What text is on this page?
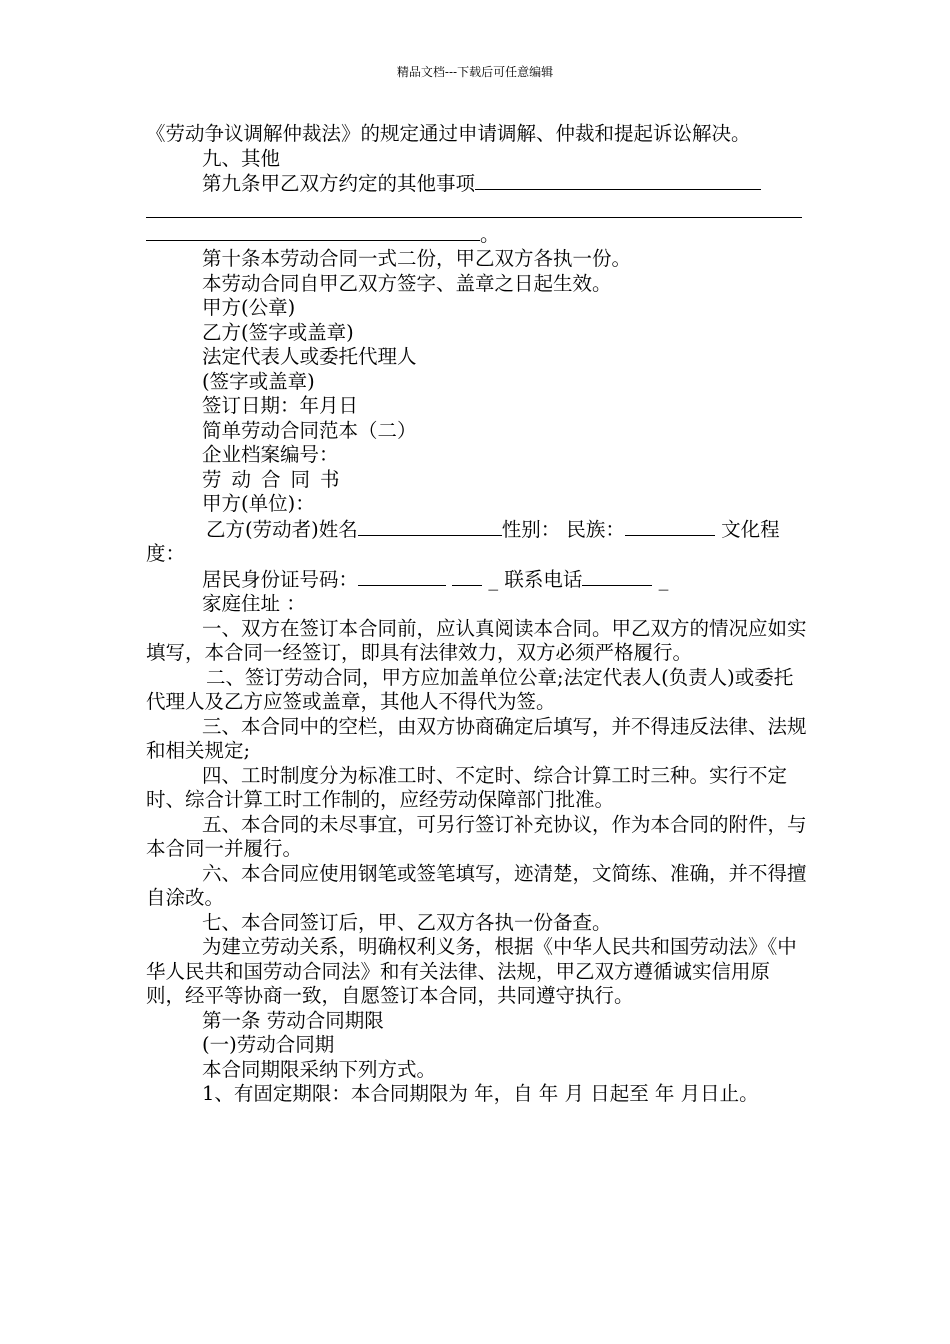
精品文档---下载后可任意编辑

《劳动争议调解仲裁法》的规定通过申请调解、仲裁和提起诉讼解决。

九、其他

第九条甲乙双方约定的其他事项

。

第十条本劳动合同一式二份，甲乙双方各执一份。

本劳动合同自甲乙双方签字、盖章之日起生效。

甲方(公章)

乙方(签字或盖章)

法定代表人或委托代理人

(签字或盖章)

签订日期：年月日

简单劳动合同范本（二）

企业档案编号：

劳动合同书

甲方(单位)：

乙方(劳动者)姓名	性别： 民族：	文化程度：

居民身份证号码：	_ 联系电话	_

家庭住址 ：

一、双方在签订本合同前，应认真阅读本合同。甲乙双方的情况应如实填写，本合同一经签订，即具有法律效力，双方必须严格履行。

二、签订劳动合同，甲方应加盖单位公章;法定代表人(负责人)或委托代理人及乙方应签或盖章，其他人不得代为签。

三、本合同中的空栏，由双方协商确定后填写，并不得违反法律、法规和相关规定;

四、工时制度分为标准工时、不定时、综合计算工时三种。实行不定时、综合计算工时工作制的，应经劳动保障部门批准。

五、本合同的未尽事宜，可另行签订补充协议，作为本合同的附件，与本合同一并履行。

六、本合同应使用钢笔或签笔填写，迹清楚，文简练、准确，并不得擅自涂改。

七、本合同签订后，甲、乙双方各执一份备查。

为建立劳动关系，明确权利义务，根据《中华人民共和国劳动法》《中华人民共和国劳动合同法》和有关法律、法规，甲乙双方遵循诚实信用原则，经平等协商一致，自愿签订本合同，共同遵守执行。

第一条 劳动合同期限

(一)劳动合同期

本合同期限采纳下列方式。

1、有固定期限：本合同期限为 年，自 年 月 日起至 年 月日止。
